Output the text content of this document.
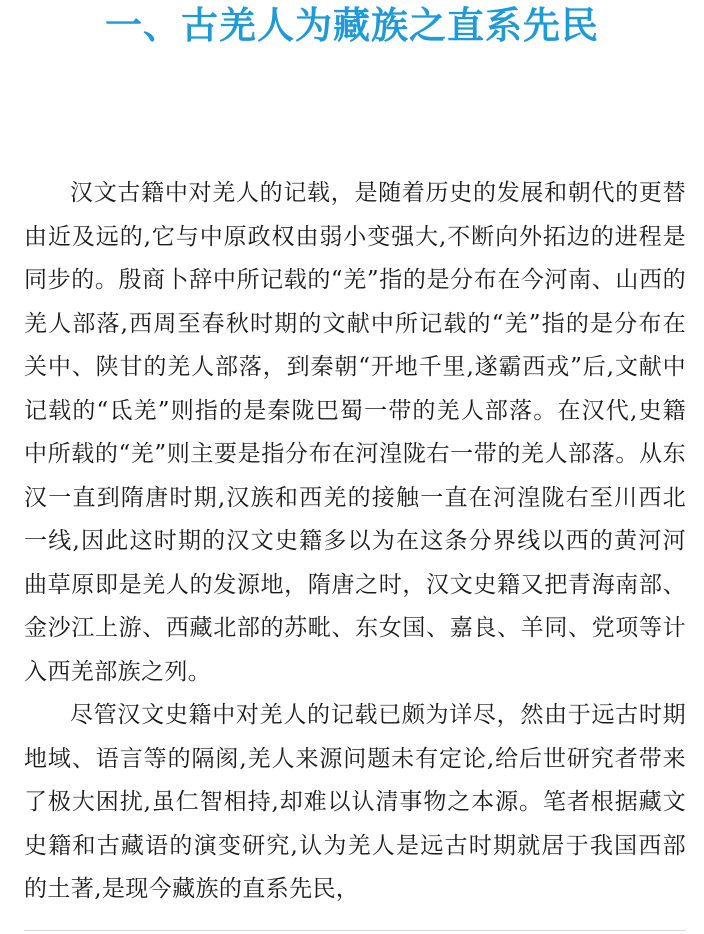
一、古羌人为藏族之直系先民

汉文古籍中对羌人的记载，是随着历史的发展和朝代的更替由近及远的,它与中原政权由弱小变强大,不断向外拓边的进程是同步的。殷商卜辞中所记载的“羌”指的是分布在今河南、山西的羌人部落,西周至春秋时期的文献中所记载的“羌”指的是分布在关中、陕甘的羌人部落，到秦朝“开地千里,遂霸西戎”后,文献中记载的“氐羌”则指的是秦陇巴蜀一带的羌人部落。在汉代,史籍中所载的“羌”则主要是指分布在河湟陇右一带的羌人部落。从东汉一直到隋唐时期,汉族和西羌的接触一直在河湟陇右至川西北一线,因此这时期的汉文史籍多以为在这条分界线以西的黄河河曲草原即是羌人的发源地，隋唐之时，汉文史籍又把青海南部、金沙江上游、西藏北部的苏毗、东女国、嘉良、羊同、党项等计入西羌部族之列。

尽管汉文史籍中对羌人的记载已颇为详尽，然由于远古时期地域、语言等的隔阂,羌人来源问题未有定论,给后世研究者带来了极大困扰,虽仁智相持,却难以认清事物之本源。笔者根据藏文史籍和古藏语的演变研究,认为羌人是远古时期就居于我国西部的土著,是现今藏族的直系先民，
